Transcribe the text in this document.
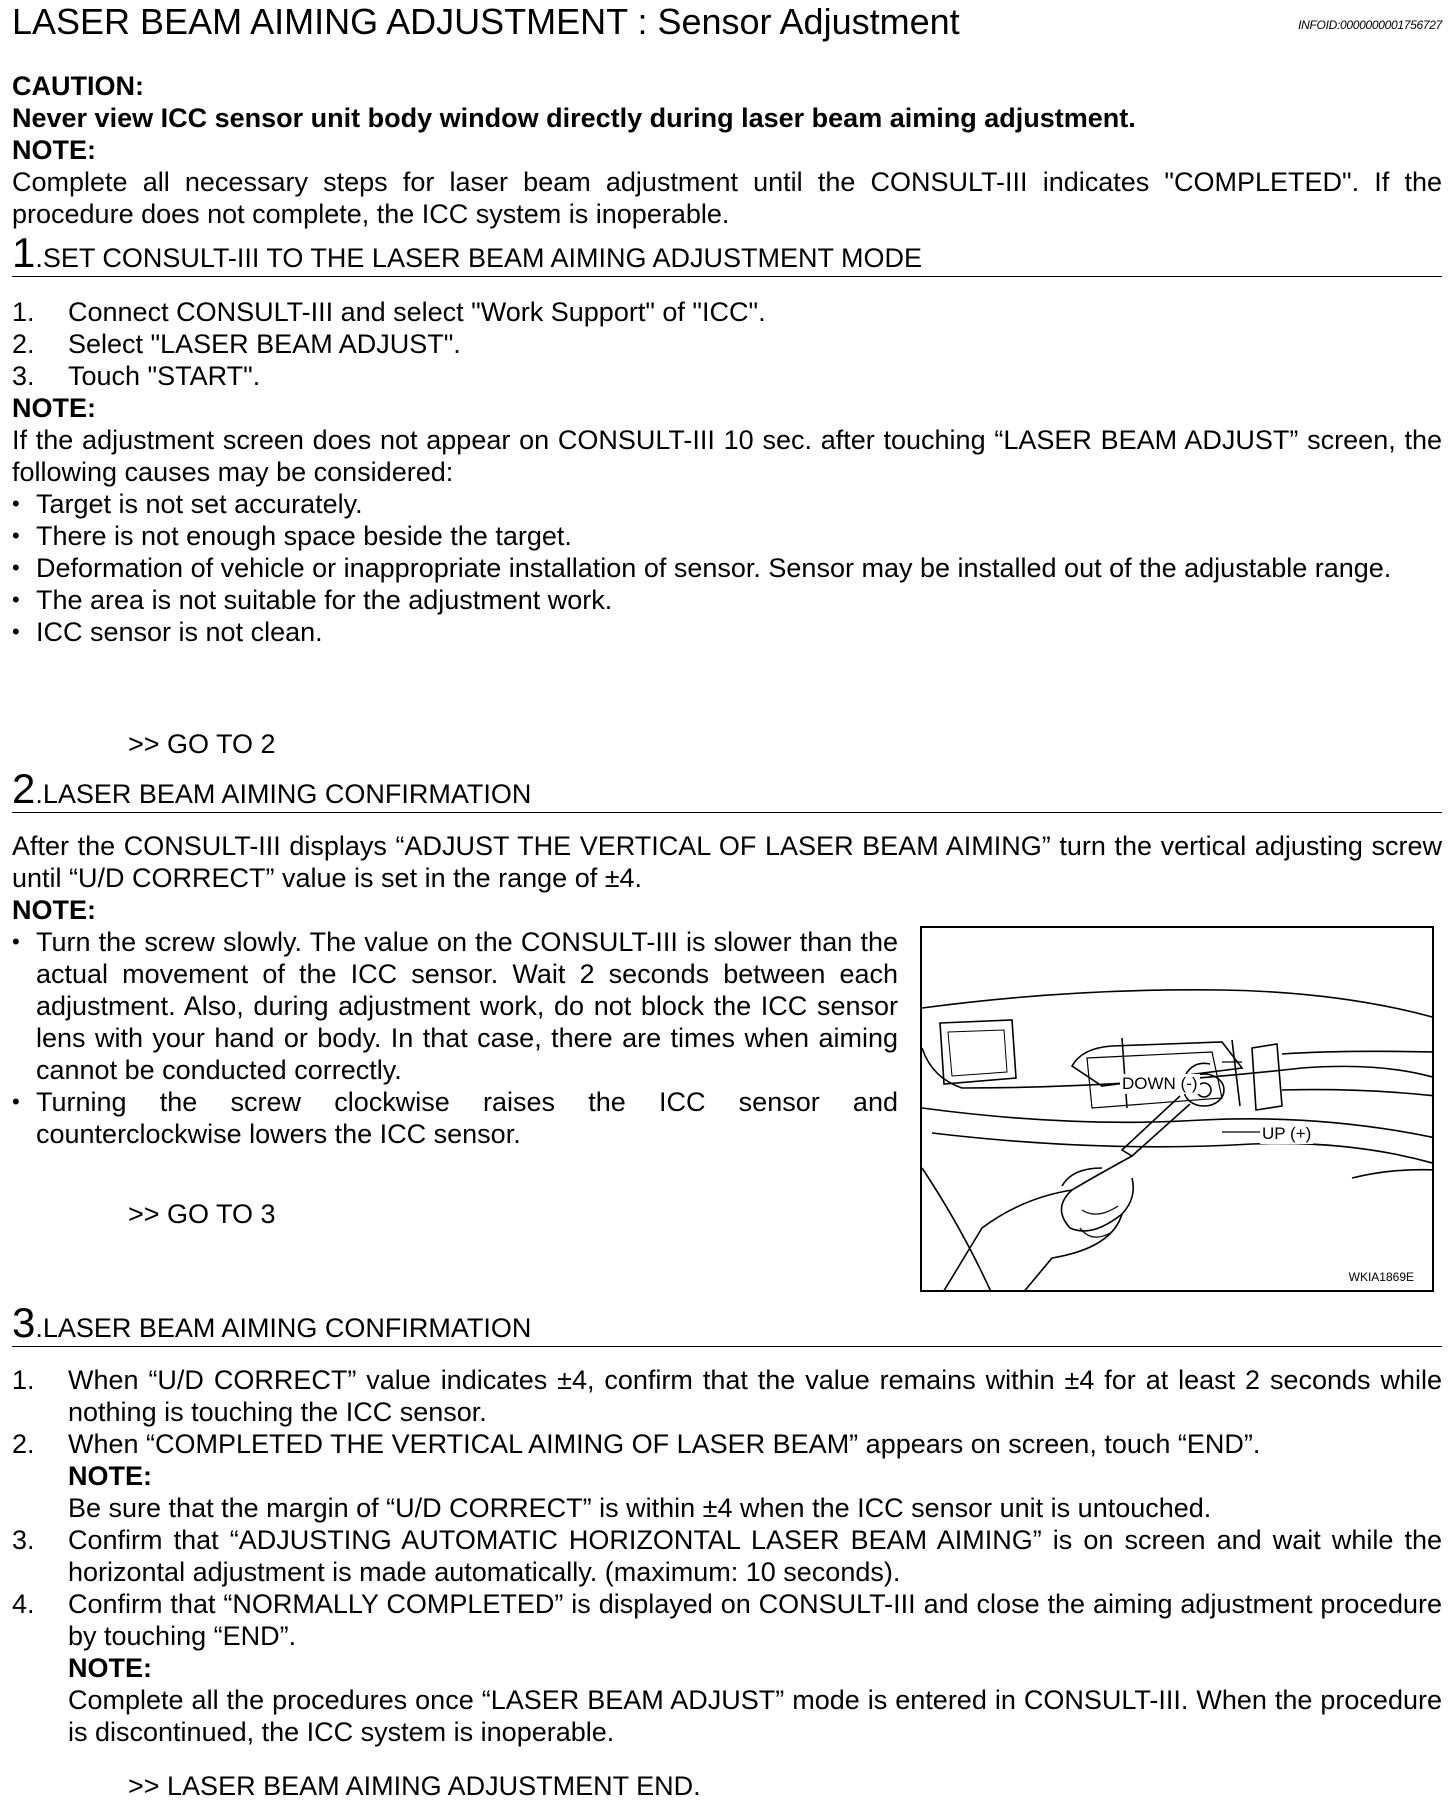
LASER BEAM AIMING ADJUSTMENT : Sensor Adjustment	INFOID:0000000001756727
CAUTION:
Never view ICC sensor unit body window directly during laser beam aiming adjustment.
NOTE:
Complete all necessary steps for laser beam adjustment until the CONSULT-III indicates "COMPLETED". If the procedure does not complete, the ICC system is inoperable.
1.SET CONSULT-III TO THE LASER BEAM AIMING ADJUSTMENT MODE
1. Connect CONSULT-III and select "Work Support" of "ICC".
2. Select "LASER BEAM ADJUST".
3. Touch "START".
NOTE:
If the adjustment screen does not appear on CONSULT-III 10 sec. after touching “LASER BEAM ADJUST” screen, the following causes may be considered:
• Target is not set accurately.
• There is not enough space beside the target.
• Deformation of vehicle or inappropriate installation of sensor. Sensor may be installed out of the adjustable range.
• The area is not suitable for the adjustment work.
• ICC sensor is not clean.
>> GO TO 2
2.LASER BEAM AIMING CONFIRMATION
After the CONSULT-III displays “ADJUST THE VERTICAL OF LASER BEAM AIMING” turn the vertical adjusting screw until “U/D CORRECT” value is set in the range of ±4.
NOTE:
• Turn the screw slowly. The value on the CONSULT-III is slower than the actual movement of the ICC sensor. Wait 2 seconds between each adjustment. Also, during adjustment work, do not block the ICC sensor lens with your hand or body. In that case, there are times when aiming cannot be conducted correctly.
• Turning the screw clockwise raises the ICC sensor and counterclockwise lowers the ICC sensor.
>> GO TO 3
DOWN (-)
UP (+)
WKIA1869E
3.LASER BEAM AIMING CONFIRMATION
1. When “U/D CORRECT” value indicates ±4, confirm that the value remains within ±4 for at least 2 seconds while nothing is touching the ICC sensor.
2. When “COMPLETED THE VERTICAL AIMING OF LASER BEAM” appears on screen, touch “END”.
NOTE:
Be sure that the margin of “U/D CORRECT” is within ±4 when the ICC sensor unit is untouched.
3. Confirm that “ADJUSTING AUTOMATIC HORIZONTAL LASER BEAM AIMING” is on screen and wait while the horizontal adjustment is made automatically. (maximum: 10 seconds).
4. Confirm that “NORMALLY COMPLETED” is displayed on CONSULT-III and close the aiming adjustment procedure by touching “END”.
NOTE:
Complete all the procedures once “LASER BEAM ADJUST” mode is entered in CONSULT-III. When the procedure is discontinued, the ICC system is inoperable.
>> LASER BEAM AIMING ADJUSTMENT END.
